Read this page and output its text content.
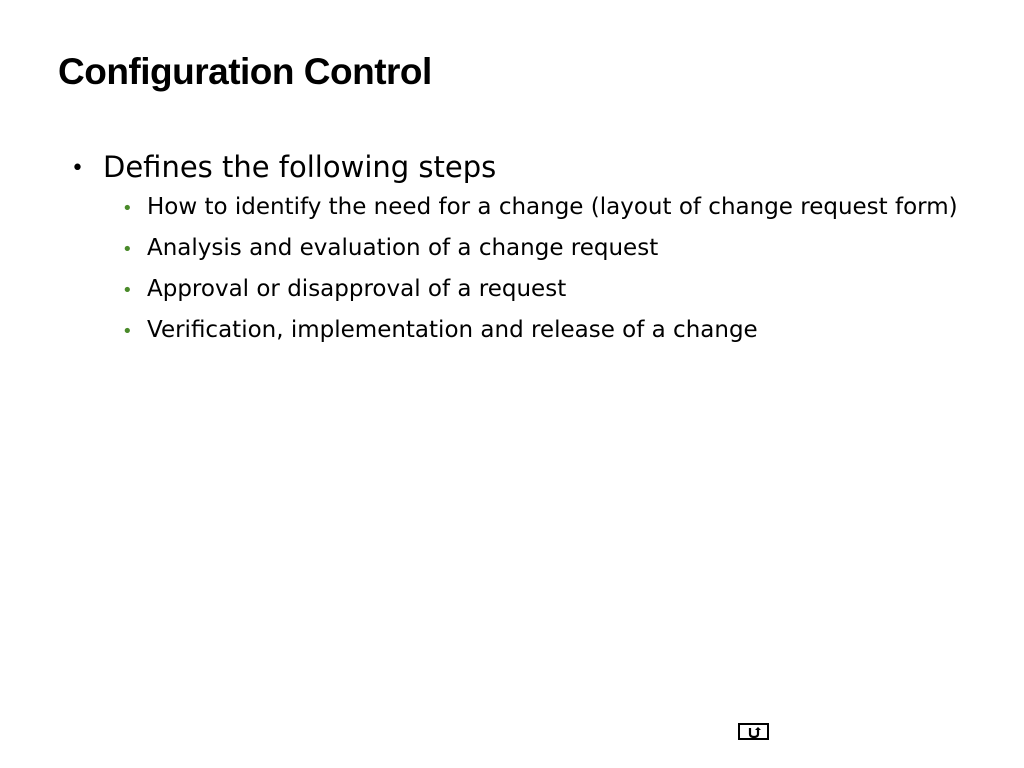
Configuration Control
• Defines the following steps
• How to identify the need for a change (layout of change request form)
• Analysis and evaluation of a change request
• Approval or disapproval of a request
• Verification, implementation and release of a change
